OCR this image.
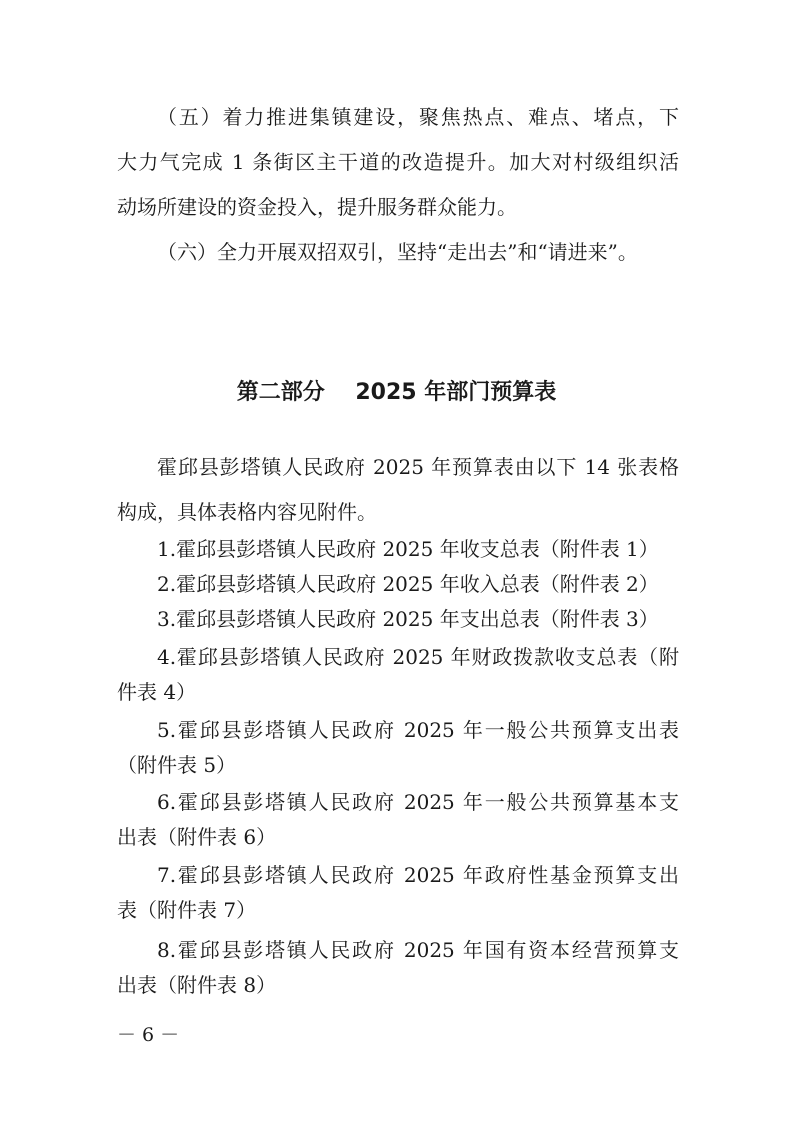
（五）着力推进集镇建设，聚焦热点、难点、堵点，下
大力气完成 1 条街区主干道的改造提升。加大对村级组织活
动场所建设的资金投入，提升服务群众能力。
（六）全力开展双招双引，坚持“走出去”和“请进来”。
第二部分    2025 年部门预算表
霍邱县彭塔镇人民政府 2025 年预算表由以下 14 张表格
构成，具体表格内容见附件。
1.霍邱县彭塔镇人民政府 2025 年收支总表（附件表 1）
2.霍邱县彭塔镇人民政府 2025 年收入总表（附件表 2）
3.霍邱县彭塔镇人民政府 2025 年支出总表（附件表 3）
4.霍邱县彭塔镇人民政府 2025 年财政拨款收支总表（附
件表 4）
5.霍邱县彭塔镇人民政府 2025 年一般公共预算支出表
（附件表 5）
6.霍邱县彭塔镇人民政府 2025 年一般公共预算基本支
出表（附件表 6）
7.霍邱县彭塔镇人民政府 2025 年政府性基金预算支出
表（附件表 7）
8.霍邱县彭塔镇人民政府 2025 年国有资本经营预算支
出表（附件表 8）
－ 6 －
